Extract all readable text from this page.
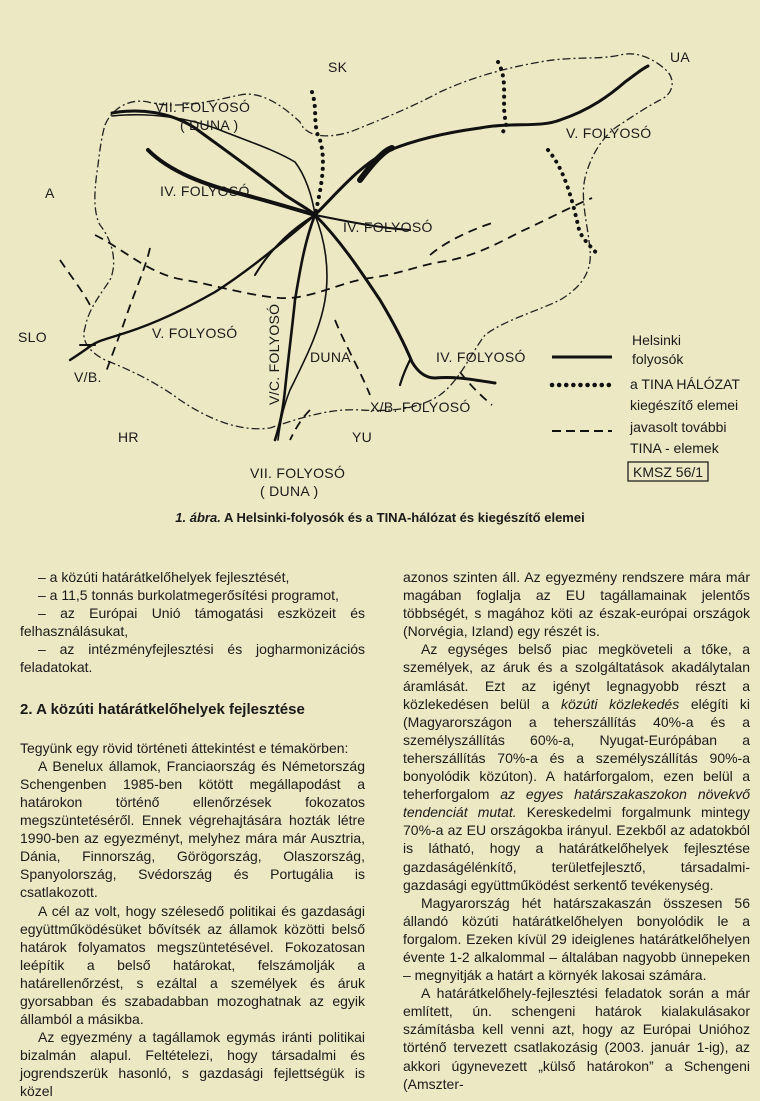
SK
UA
A
SLO
HR	YU
VII. FOLYOSÓ
( DUNA )
IV. FOLYOSÓ
IV. FOLYOSÓ
IV. FOLYOSÓ
V. FOLYOSÓ
V. FOLYOSÓ V/C. FOLYOSÓ DUNA
V/B.
X/B. FOLYOSÓ
VII. FOLYOSÓ
( DUNA )
Helsinki
folyosók
a TINA HÁLÓZAT
kiegészítő elemei
javasolt további
TINA - elemek
KMSZ 56/1
1. ábra. A Helsinki-folyosók és a TINA-hálózat és kiegészítő elemei

– a közúti határátkelőhelyek fejlesztését,

– a 11,5 tonnás burkolatmegerősítési programot,

– az Európai Unió támogatási eszközeit és felhasználásukat,

– az intézményfejlesztési és jogharmonizációs feladatokat.

2. A közúti határátkelőhelyek fejlesztése

Tegyünk egy rövid történeti áttekintést e témakörben:

A Benelux államok, Franciaország és Németország Schengenben 1985-ben kötött megállapodást a határokon történő ellenőrzések fokozatos megszüntetéséről. Ennek végrehajtására hozták létre 1990-ben az egyezményt, melyhez mára már Ausztria, Dánia, Finnország, Görögország, Olaszország, Spanyolország, Svédország és Portugália is csatlakozott.

A cél az volt, hogy szélesedő politikai és gazdasági együttműködésüket bővítsék az államok közötti belső határok folyamatos megszüntetésével. Fokozatosan leépítik a belső határokat, felszámolják a határellenőrzést, s ezáltal a személyek és áruk gyorsabban és szabadabban mozoghatnak az egyik államból a másikba.

Az egyezmény a tagállamok egymás iránti politikai bizalmán alapul. Feltételezi, hogy társadalmi és jogrendszerük hasonló, s gazdasági fejlettségük is közel

azonos szinten áll. Az egyezmény rendszere mára már magában foglalja az EU tagállamainak jelentős többségét, s magához köti az észak-európai országok (Norvégia, Izland) egy részét is.

Az egységes belső piac megköveteli a tőke, a személyek, az áruk és a szolgáltatások akadálytalan áramlását. Ezt az igényt legnagyobb részt a közlekedésen belül a közúti közlekedés elégíti ki (Magyarországon a teherszállítás 40%-a és a személyszállítás 60%-a, Nyugat-Európában a teherszállítás 70%-a és a személyszállítás 90%-a bonyolódik közúton). A határforgalom, ezen belül a teherforgalom az egyes határszakaszokon növekvő tendenciát mutat. Kereskedelmi forgalmunk mintegy 70%-a az EU országokba irányul. Ezekből az adatokból is látható, hogy a határátkelőhelyek fejlesztése gazdaságélénkítő, területfejlesztő, társadalmi-gazdasági együttműködést serkentő tevékenység.

Magyarország hét határszakaszán összesen 56 állandó közúti határátkelőhelyen bonyolódik le a forgalom. Ezeken kívül 29 ideiglenes határátkelőhelyen évente 1-2 alkalommal – általában nagyobb ünnepeken – megnyitják a határt a környék lakosai számára.

A határátkelőhely-fejlesztési feladatok során a már említett, ún. schengeni határok kialakulásakor számításba kell venni azt, hogy az Európai Unióhoz történő tervezett csatlakozásig (2003. január 1-ig), az akkori úgynevezett „külső határokon” a Schengeni (Amszter-
